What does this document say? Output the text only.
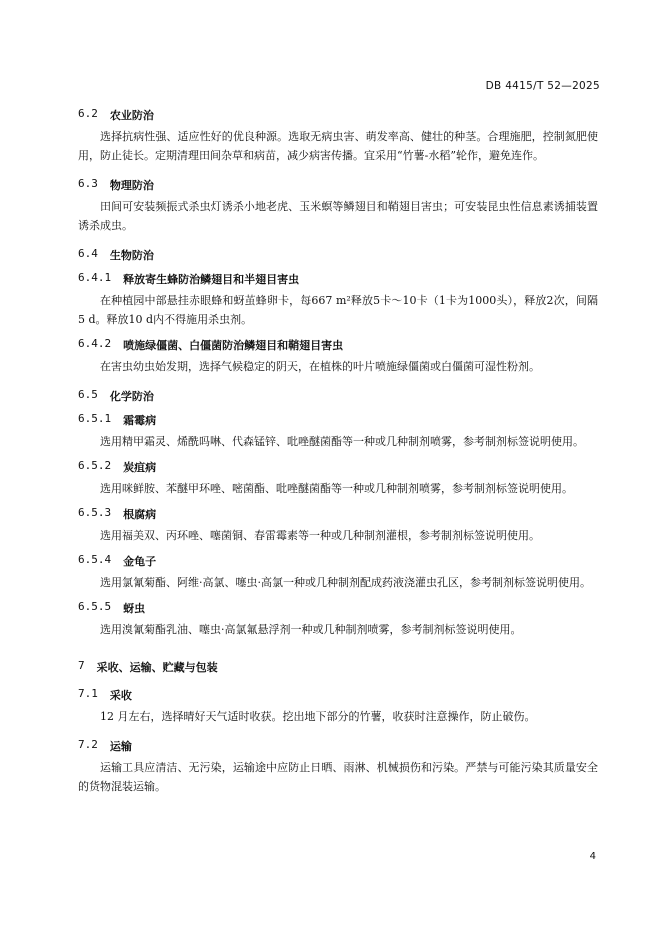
DB 4415/T 52—2025
6.2 农业防治
选择抗病性强、适应性好的优良种源。选取无病虫害、萌发率高、健壮的种茎。合理施肥，控制氮肥使用，防止徒长。定期清理田间杂草和病苗，减少病害传播。宜采用“竹薯-水稻”轮作，避免连作。
6.3 物理防治
田间可安装频振式杀虫灯诱杀小地老虎、玉米螟等鳞翅目和鞘翅目害虫；可安装昆虫性信息素诱捕装置诱杀成虫。
6.4 生物防治
6.4.1 释放寄生蜂防治鳞翅目和半翅目害虫
在种植园中部悬挂赤眼蜂和蚜茧蜂卵卡，每667 m²释放5卡～10卡（1卡为1000头），释放2次，间隔5 d。释放10 d内不得施用杀虫剂。
6.4.2 喷施绿僵菌、白僵菌防治鳞翅目和鞘翅目害虫
在害虫幼虫始发期，选择气候稳定的阴天，在植株的叶片喷施绿僵菌或白僵菌可湿性粉剂。
6.5 化学防治
6.5.1 霜霉病
选用精甲霜灵、烯酰吗啉、代森锰锌、吡唑醚菌酯等一种或几种制剂喷雾，参考制剂标签说明使用。
6.5.2 炭疽病
选用咪鲜胺、苯醚甲环唑、嘧菌酯、吡唑醚菌酯等一种或几种制剂喷雾，参考制剂标签说明使用。
6.5.3 根腐病
选用福美双、丙环唑、噻菌铜、春雷霉素等一种或几种制剂灌根，参考制剂标签说明使用。
6.5.4 金龟子
选用氯氰菊酯、阿维·高氯、噻虫·高氯一种或几种制剂配成药液浇灌虫孔区，参考制剂标签说明使用。
6.5.5 蚜虫
选用溴氰菊酯乳油、噻虫·高氯氟悬浮剂一种或几种制剂喷雾，参考制剂标签说明使用。
7 采收、运输、贮藏与包装
7.1 采收
12 月左右，选择晴好天气适时收获。挖出地下部分的竹薯，收获时注意操作，防止破伤。
7.2 运输
运输工具应清洁、无污染，运输途中应防止日晒、雨淋、机械损伤和污染。严禁与可能污染其质量安全的货物混装运输。
4
